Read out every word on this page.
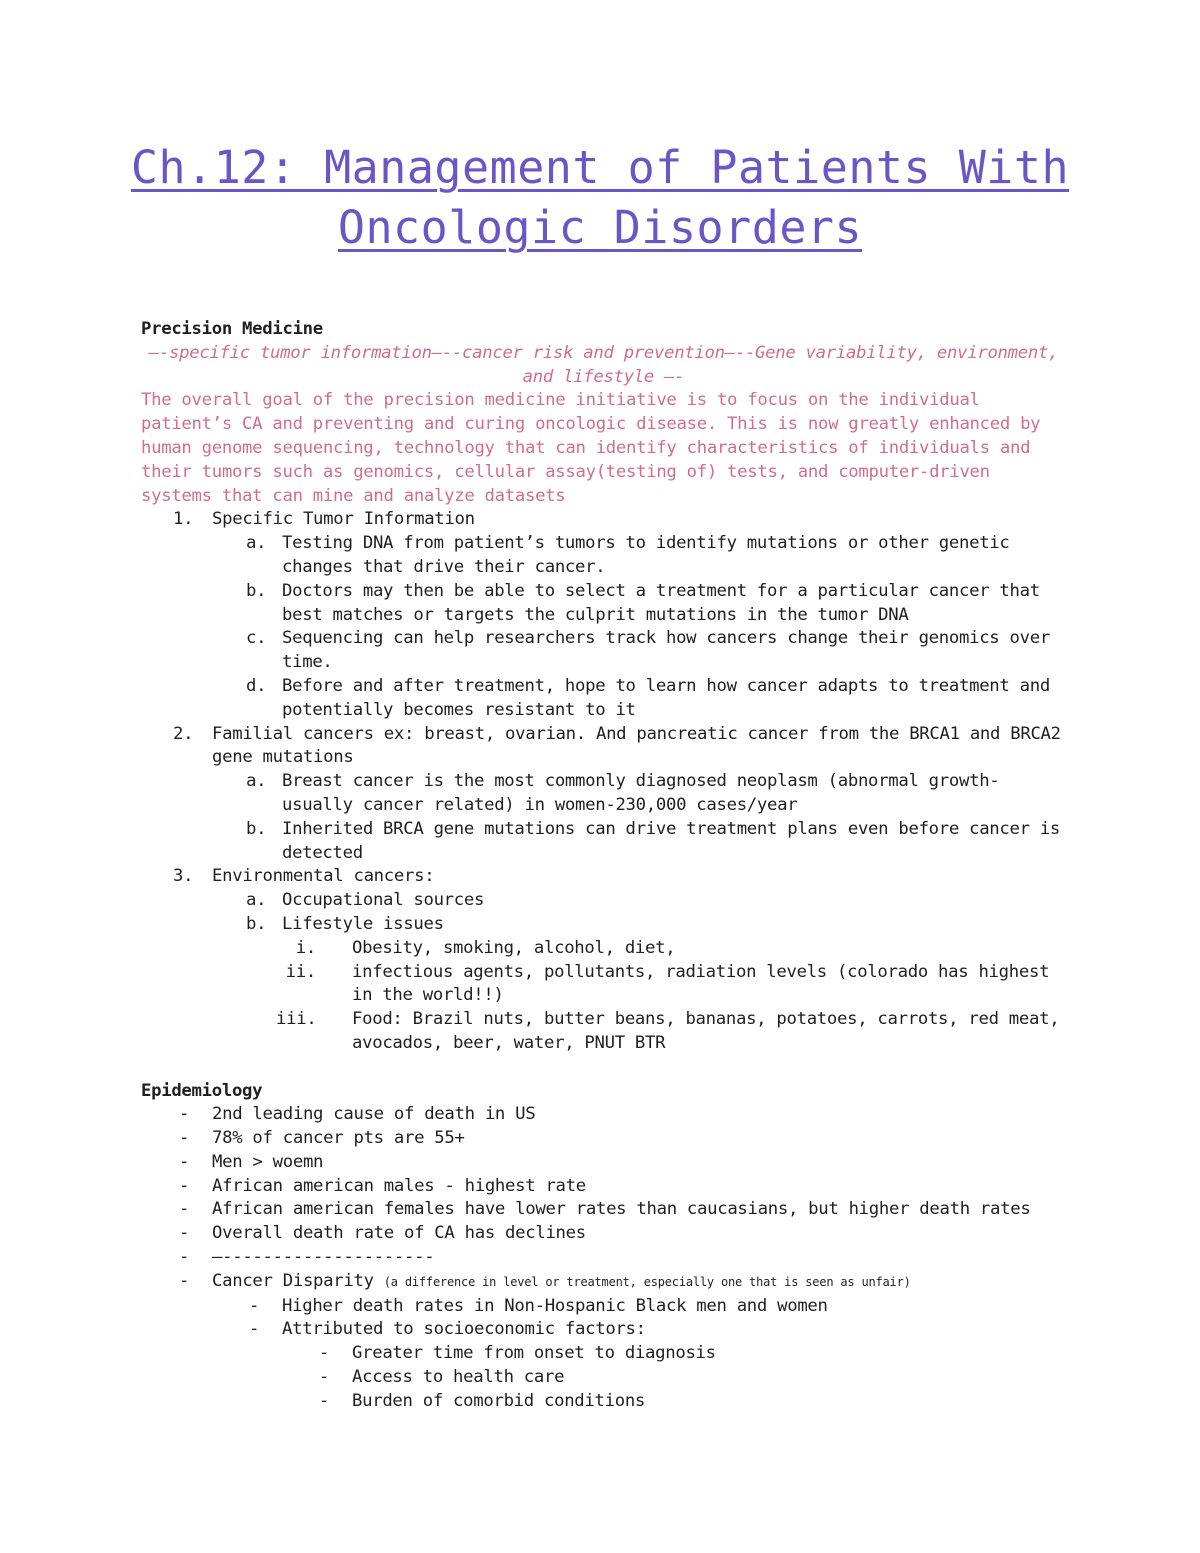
Ch.12: Management of Patients With
Oncologic Disorders
Precision Medicine

—-specific tumor information—--cancer risk and prevention—--Gene variability, environment,

and lifestyle —-

The overall goal of the precision medicine initiative is to focus on the individual patient’s CA and preventing and curing oncologic disease. This is now greatly enhanced by human genome sequencing, technology that can identify characteristics of individuals and their tumors such as genomics, cellular assay(testing of) tests, and computer-driven systems that can mine and analyze datasets

1. Specific Tumor Information
a. Testing DNA from patient’s tumors to identify mutations or other genetic changes that drive their cancer.
b. Doctors may then be able to select a treatment for a particular cancer that best matches or targets the culprit mutations in the tumor DNA
c. Sequencing can help researchers track how cancers change their genomics over time.
d. Before and after treatment, hope to learn how cancer adapts to treatment and potentially becomes resistant to it
2. Familial cancers ex: breast, ovarian. And pancreatic cancer from the BRCA1 and BRCA2 gene mutations
a. Breast cancer is the most commonly diagnosed neoplasm (abnormal growth-usually cancer related) in women-230,000 cases/year
b. Inherited BRCA gene mutations can drive treatment plans even before cancer is detected
3. Environmental cancers:
a. Occupational sources
b. Lifestyle issues
i. Obesity, smoking, alcohol, diet,
ii. infectious agents, pollutants, radiation levels (colorado has highest in the world!!)
iii. Food: Brazil nuts, butter beans, bananas, potatoes, carrots, red meat, avocados, beer, water, PNUT BTR
Epidemiology
- 2nd leading cause of death in US
- 78% of cancer pts are 55+
- Men > woemn
- African american males - highest rate
- African american females have lower rates than caucasians, but higher death rates
- Overall death rate of CA has declines
- —---------------------
- Cancer Disparity (a difference in level or treatment, especially one that is seen as unfair)
- Higher death rates in Non-Hospanic Black men and women
- Attributed to socioeconomic factors:
- Greater time from onset to diagnosis
- Access to health care
- Burden of comorbid conditions
